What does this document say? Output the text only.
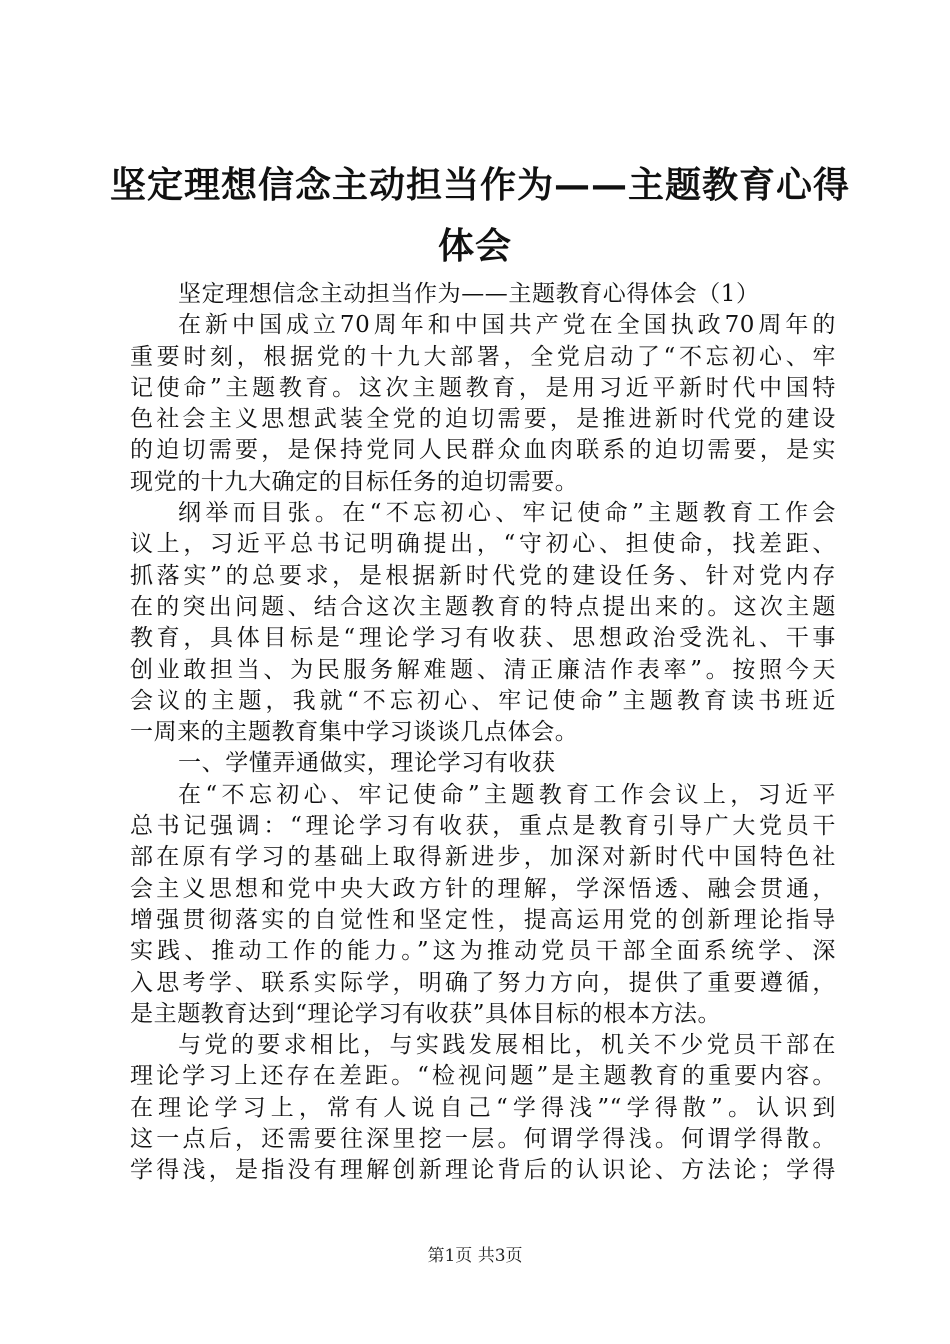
坚定理想信念主动担当作为——主题教育心得
体会
坚定理想信念主动担当作为——主题教育心得体会（1）
在新中国成立70周年和中国共产党在全国执政70周年的
重要时刻，根据党的十九大部署，全党启动了“不忘初心、牢
记使命”主题教育。这次主题教育，是用习近平新时代中国特
色社会主义思想武装全党的迫切需要，是推进新时代党的建设
的迫切需要，是保持党同人民群众血肉联系的迫切需要，是实
现党的十九大确定的目标任务的迫切需要。
纲举而目张。在“不忘初心、牢记使命”主题教育工作会
议上，习近平总书记明确提出，“守初心、担使命，找差距、
抓落实”的总要求，是根据新时代党的建设任务、针对党内存
在的突出问题、结合这次主题教育的特点提出来的。这次主题
教育，具体目标是“理论学习有收获、思想政治受洗礼、干事
创业敢担当、为民服务解难题、清正廉洁作表率”。按照今天
会议的主题，我就“不忘初心、牢记使命”主题教育读书班近
一周来的主题教育集中学习谈谈几点体会。
一、学懂弄通做实，理论学习有收获
在“不忘初心、牢记使命”主题教育工作会议上，习近平
总书记强调：“理论学习有收获，重点是教育引导广大党员干
部在原有学习的基础上取得新进步，加深对新时代中国特色社
会主义思想和党中央大政方针的理解，学深悟透、融会贯通，
增强贯彻落实的自觉性和坚定性，提高运用党的创新理论指导
实践、推动工作的能力。”这为推动党员干部全面系统学、深
入思考学、联系实际学，明确了努力方向，提供了重要遵循，
是主题教育达到“理论学习有收获”具体目标的根本方法。
与党的要求相比，与实践发展相比，机关不少党员干部在
理论学习上还存在差距。“检视问题”是主题教育的重要内容。
在理论学习上，常有人说自己“学得浅”“学得散”。认识到
这一点后，还需要往深里挖一层。何谓学得浅。何谓学得散。
学得浅，是指没有理解创新理论背后的认识论、方法论；学得
第1页 共3页
